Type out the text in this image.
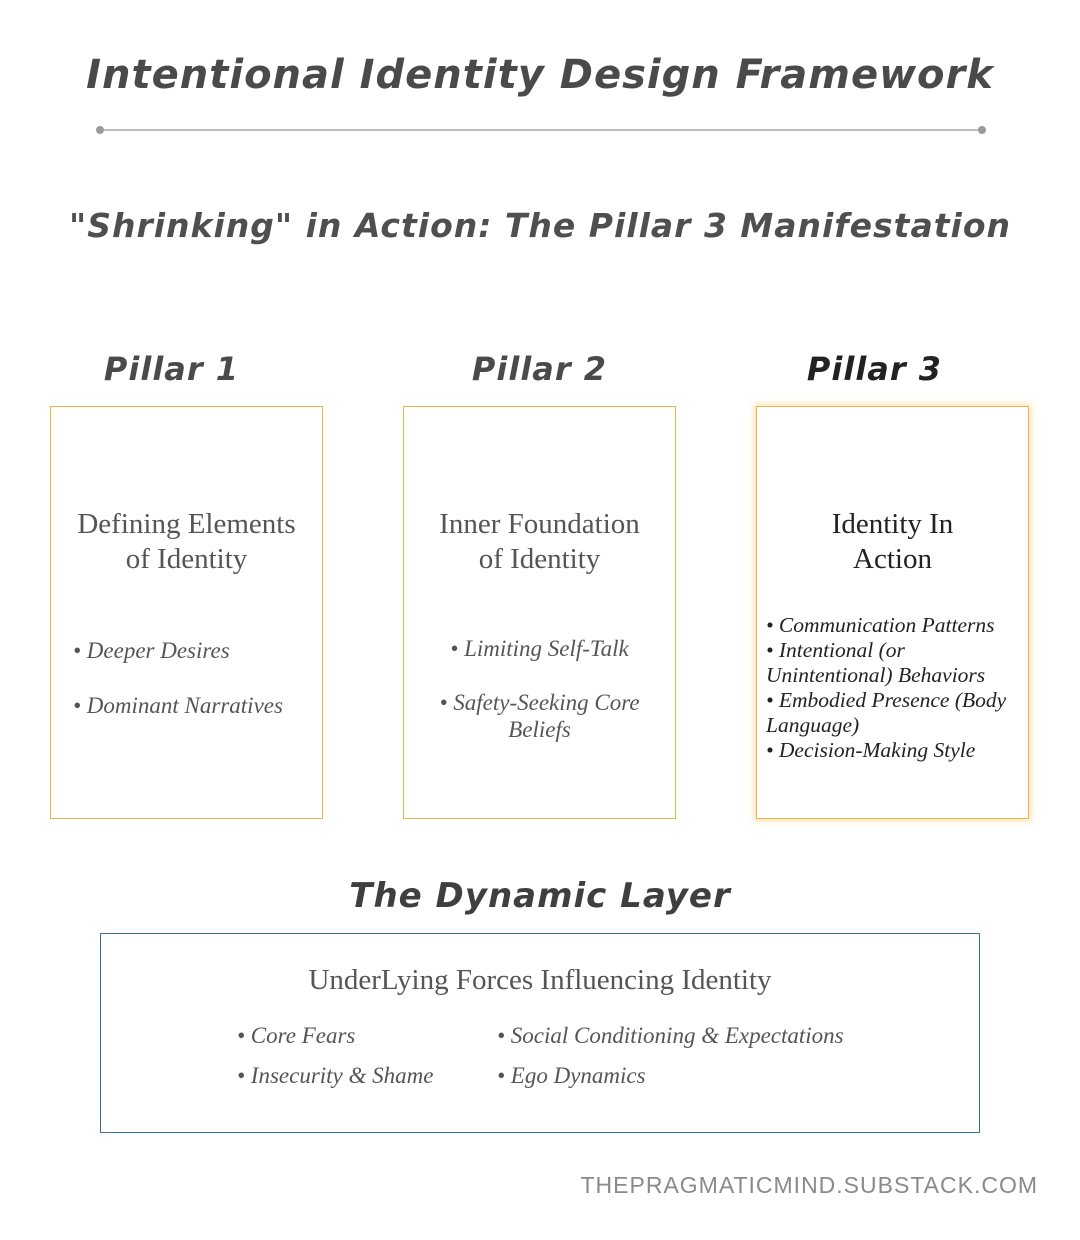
Intentional Identity Design Framework
"Shrinking" in Action: The Pillar 3 Manifestation
Pillar 1	Pillar 2	Pillar 3
Defining Elements
of Identity
• Deeper Desires
• Dominant Narratives
Inner Foundation
of Identity
• Limiting Self-Talk
• Safety-Seeking Core Beliefs
Identity In
Action
• Communication Patterns
• Intentional (or Unintentional) Behaviors
• Embodied Presence (Body Language)
• Decision-Making Style
The Dynamic Layer
UnderLying Forces Influencing Identity
• Core Fears
• Insecurity & Shame
• Social Conditioning & Expectations
• Ego Dynamics
THEPRAGMATICMIND.SUBSTACK.COM
